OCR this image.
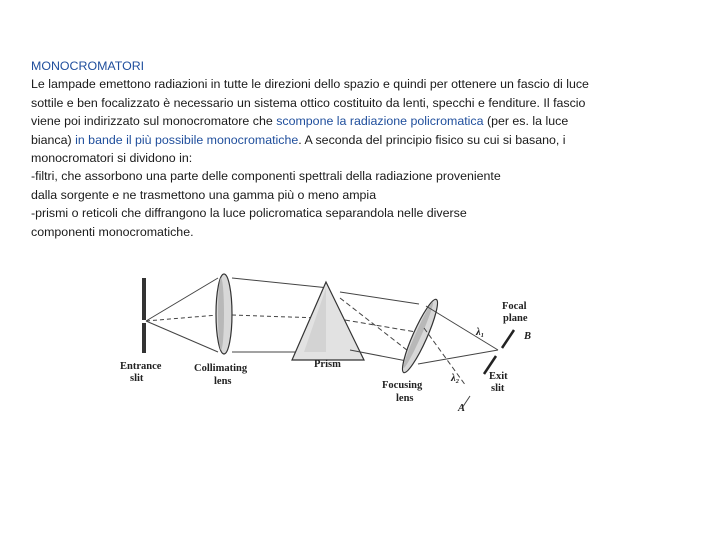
MONOCROMATORI
Le lampade emettono radiazioni in tutte le direzioni dello spazio e quindi per ottenere un fascio di luce
sottile e ben focalizzato è necessario un sistema ottico costituito da lenti, specchi e fenditure. Il fascio
viene poi indirizzato sul monocromatore che scompone la radiazione policromatica (per es. la luce
bianca) in bande il più possibile monocromatiche. A seconda del principio fisico su cui si basano, i
monocromatori si dividono in:
-filtri, che assorbono una parte delle componenti spettrali della radiazione proveniente
dalla sorgente e ne trasmettono una gamma più o meno ampia
-prismi o reticoli che diffrangono la luce policromatica separandola nelle diverse
componenti monocromatiche.
Entrance
slit
Collimating
lens
Prism
Focusing
lens
Focal
plane
Exit
slit
λ₁
λ₂
A
B
